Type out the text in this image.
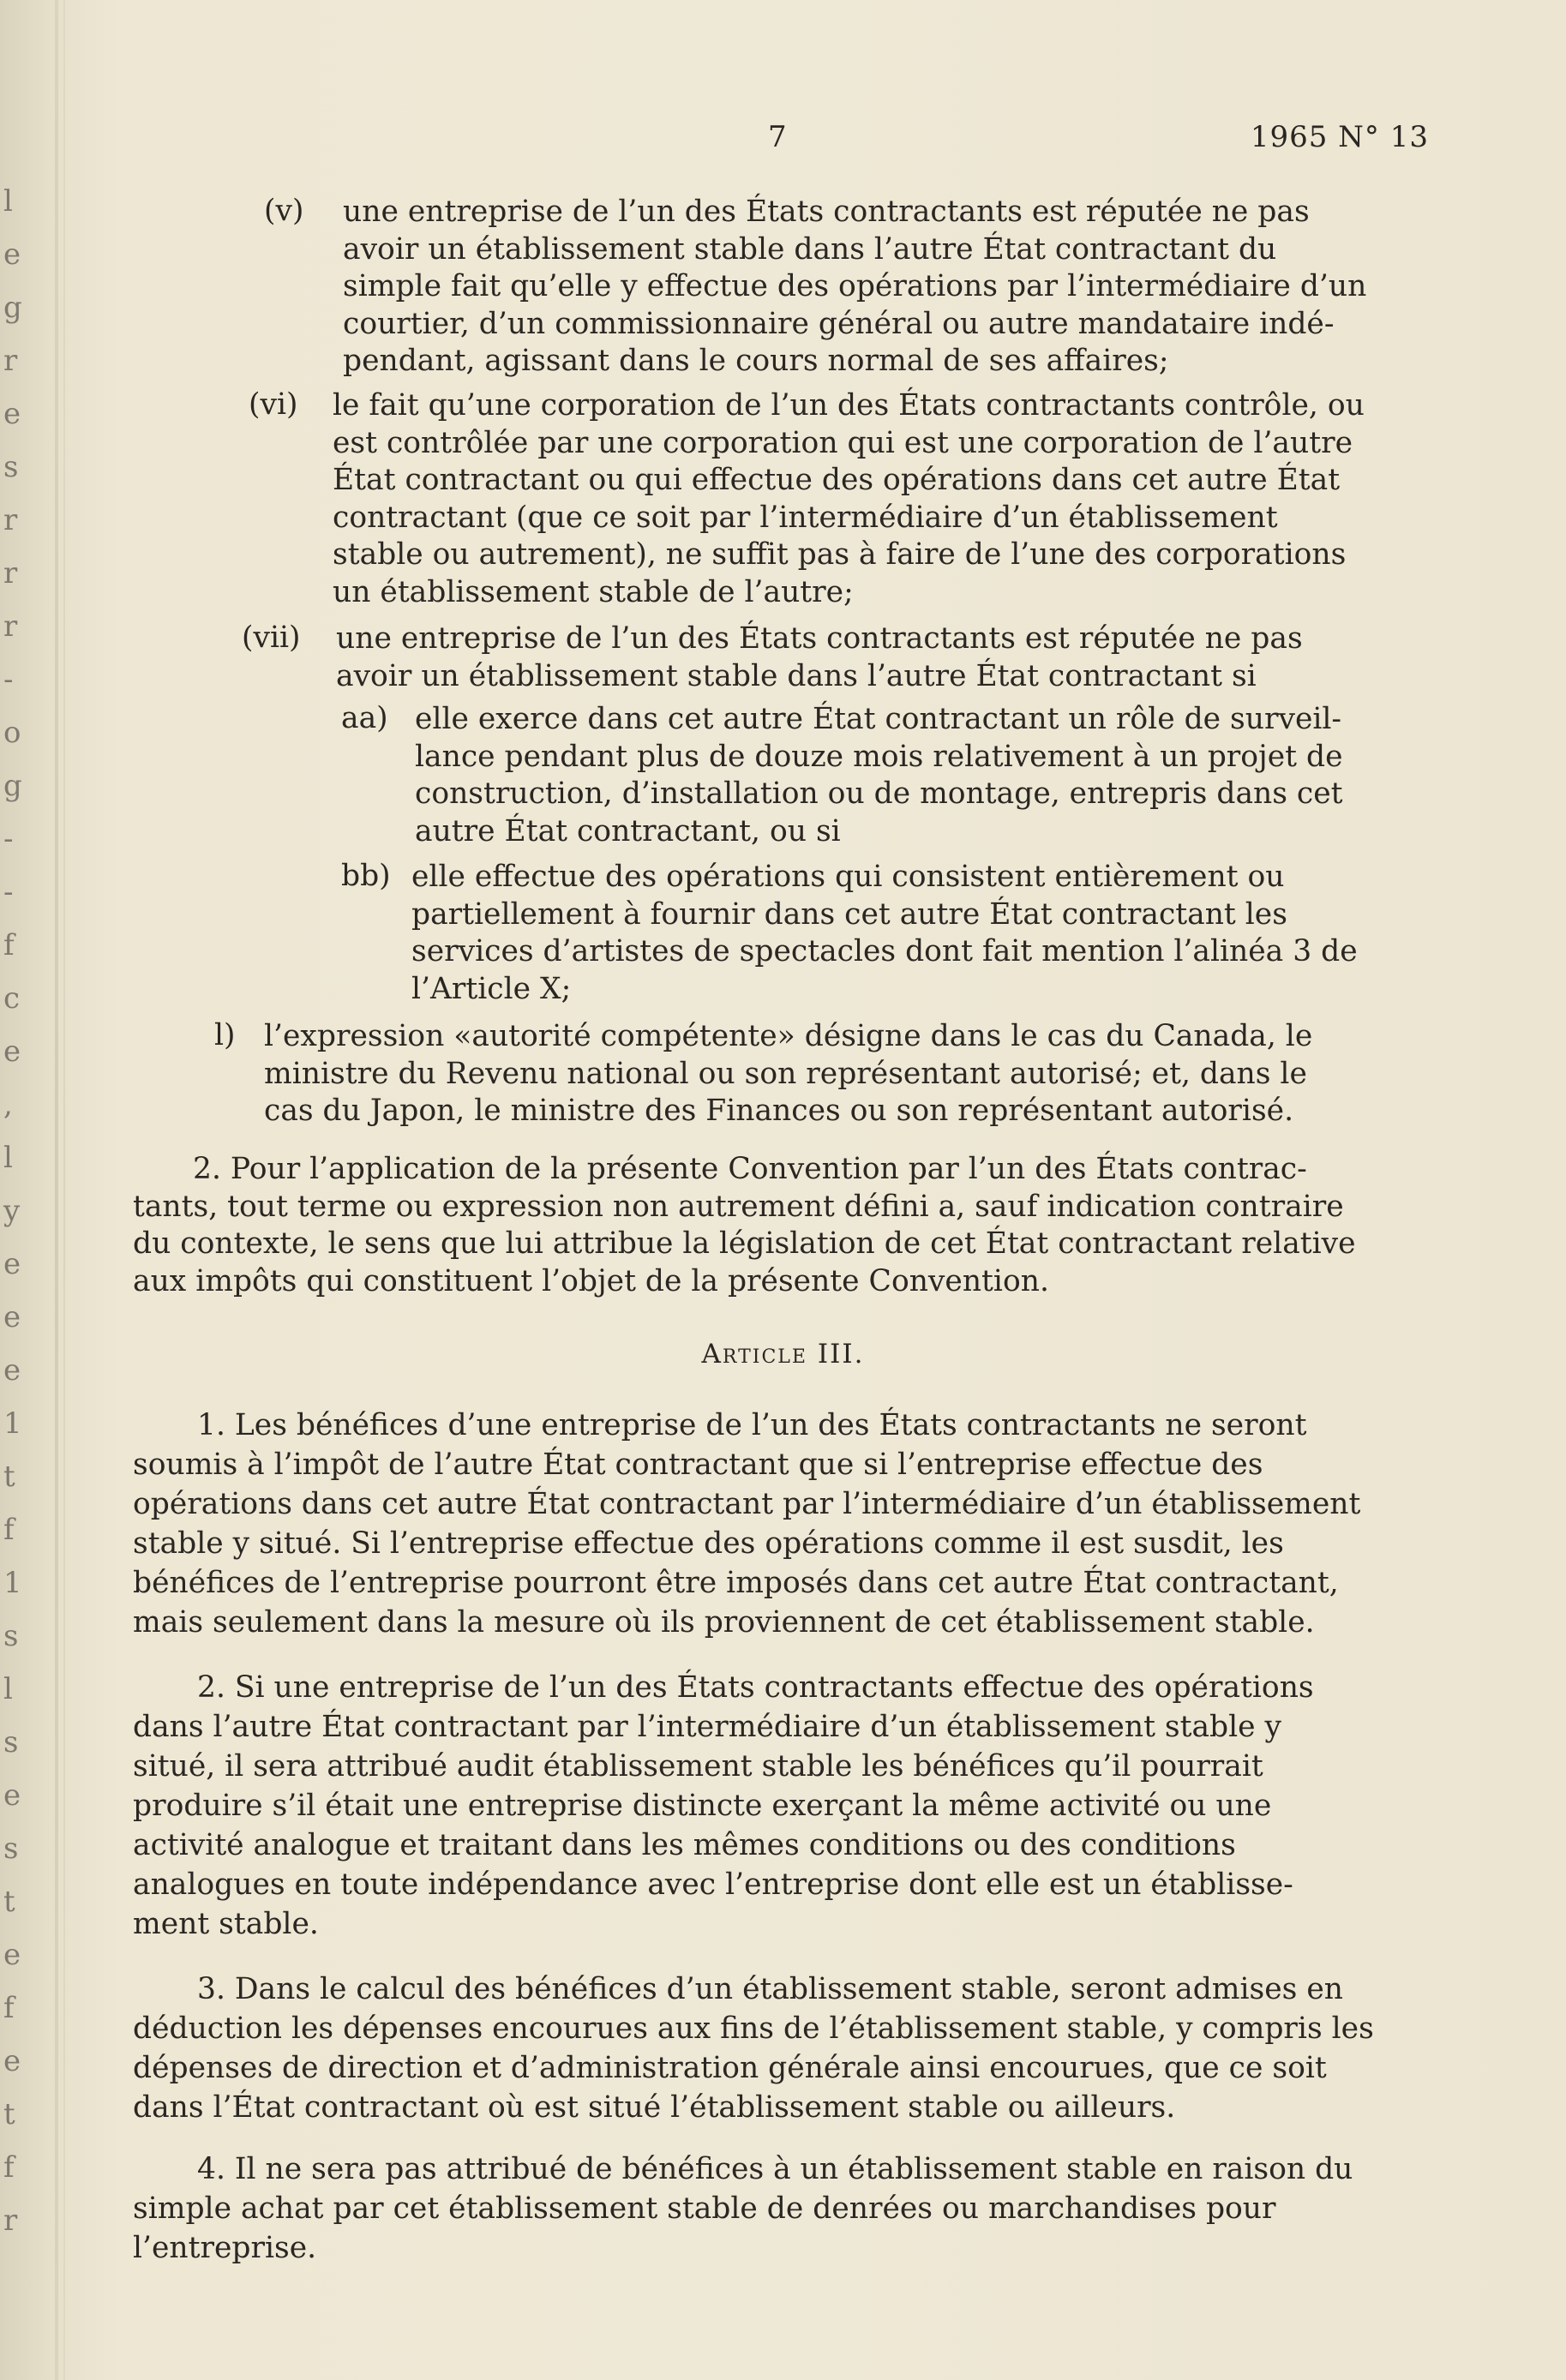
l
e
g
r
e
s
r
r
r
-
o
g
-
-
f
c
e
,
l
y
e
e
e
1
t
f
1
s
l
s
e
s
t
e
f
e
t
f
r
7	1965 N° 13
(v) une entreprise de l’un des États contractants est réputée ne pas
avoir un établissement stable dans l’autre État contractant du
simple fait qu’elle y effectue des opérations par l’intermédiaire d’un
courtier, d’un commissionnaire général ou autre mandataire indé-
pendant, agissant dans le cours normal de ses affaires;
(vi) le fait qu’une corporation de l’un des États contractants contrôle, ou
est contrôlée par une corporation qui est une corporation de l’autre
État contractant ou qui effectue des opérations dans cet autre État
contractant (que ce soit par l’intermédiaire d’un établissement
stable ou autrement), ne suffit pas à faire de l’une des corporations
un établissement stable de l’autre;
(vii) une entreprise de l’un des États contractants est réputée ne pas
avoir un établissement stable dans l’autre État contractant si
aa) elle exerce dans cet autre État contractant un rôle de surveil-
lance pendant plus de douze mois relativement à un projet de
construction, d’installation ou de montage, entrepris dans cet
autre État contractant, ou si
bb) elle effectue des opérations qui consistent entièrement ou
partiellement à fournir dans cet autre État contractant les
services d’artistes de spectacles dont fait mention l’alinéa 3 de
l’Article X;
l) l’expression «autorité compétente» désigne dans le cas du Canada, le
ministre du Revenu national ou son représentant autorisé; et, dans le
cas du Japon, le ministre des Finances ou son représentant autorisé.
2. Pour l’application de la présente Convention par l’un des États contrac-
tants, tout terme ou expression non autrement défini a, sauf indication contraire
du contexte, le sens que lui attribue la législation de cet État contractant relative
aux impôts qui constituent l’objet de la présente Convention.
Article III.
1. Les bénéfices d’une entreprise de l’un des États contractants ne seront
soumis à l’impôt de l’autre État contractant que si l’entreprise effectue des
opérations dans cet autre État contractant par l’intermédiaire d’un établissement
stable y situé. Si l’entreprise effectue des opérations comme il est susdit, les
bénéfices de l’entreprise pourront être imposés dans cet autre État contractant,
mais seulement dans la mesure où ils proviennent de cet établissement stable.
2. Si une entreprise de l’un des États contractants effectue des opérations
dans l’autre État contractant par l’intermédiaire d’un établissement stable y
situé, il sera attribué audit établissement stable les bénéfices qu’il pourrait
produire s’il était une entreprise distincte exerçant la même activité ou une
activité analogue et traitant dans les mêmes conditions ou des conditions
analogues en toute indépendance avec l’entreprise dont elle est un établisse-
ment stable.
3. Dans le calcul des bénéfices d’un établissement stable, seront admises en
déduction les dépenses encourues aux fins de l’établissement stable, y compris les
dépenses de direction et d’administration générale ainsi encourues, que ce soit
dans l’État contractant où est situé l’établissement stable ou ailleurs.
4. Il ne sera pas attribué de bénéfices à un établissement stable en raison du
simple achat par cet établissement stable de denrées ou marchandises pour
l’entreprise.
